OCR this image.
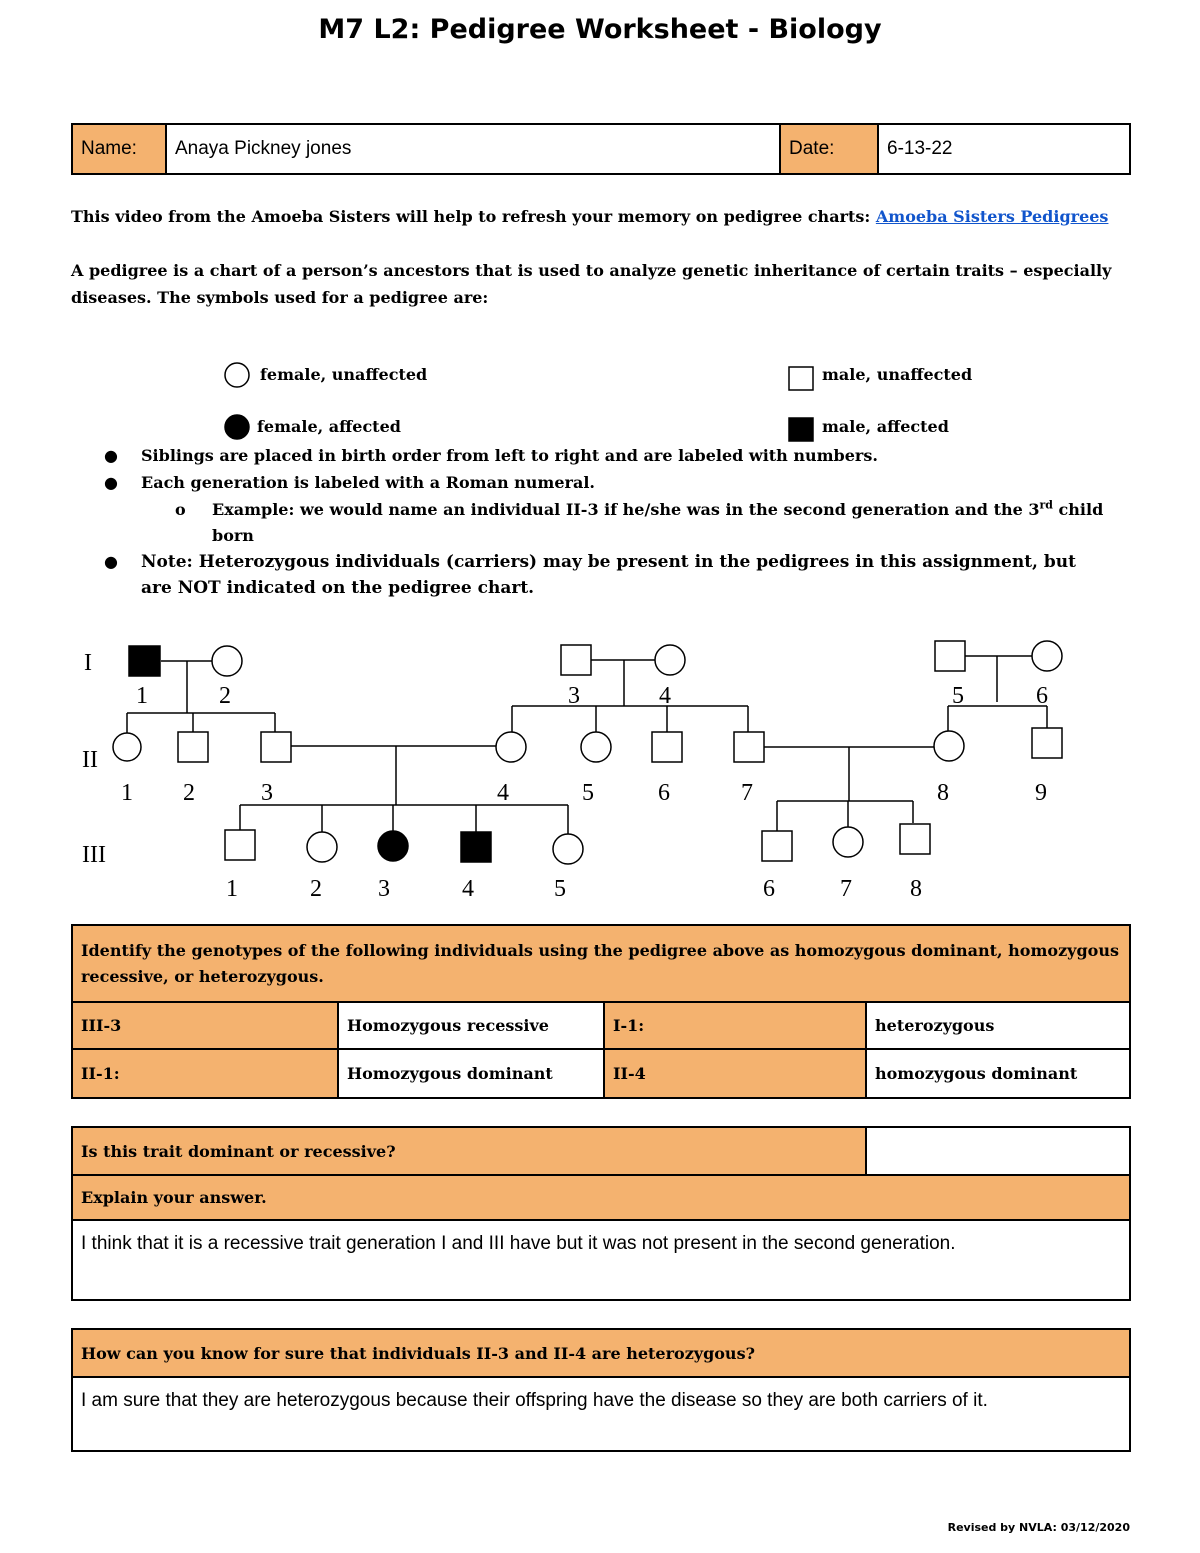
M7 L2: Pedigree Worksheet - Biology
Name:	Anaya Pickney jones	Date:	6-13-22
This video from the Amoeba Sisters will help to refresh your memory on pedigree charts: Amoeba Sisters Pedigrees
A pedigree is a chart of a person’s ancestors that is used to analyze genetic inheritance of certain traits – especially diseases. The symbols used for a pedigree are:
female, unaffected
female, affected
male, unaffected
male, affected
● Siblings are placed in birth order from left to right and are labeled with numbers.
● Each generation is labeled with a Roman numeral.
o Example: we would name an individual II-3 if he/she was in the second generation and the 3rd child born
● Note: Heterozygous individuals (carriers) may be present in the pedigrees in this assignment, but are NOT indicated on the pedigree chart.
I
II
III
1	2	3	4	5	6
1 2	3	4	5	6	7	8	9
1	2 3	4	5	6	7 8
Identify the genotypes of the following individuals using the pedigree above as homozygous dominant, homozygous recessive, or heterozygous.			
III-3	Homozygous recessive	I-1:	heterozygous
II-1:	Homozygous dominant	II-4	homozygous dominant
Is this trait dominant or recessive?	
Explain your answer.
I think that it is a recessive trait generation I and III have but it was not present in the second generation.
How can you know for sure that individuals II-3 and II-4 are heterozygous?
I am sure that they are heterozygous because their offspring have the disease so they are both carriers of it.
Revised by NVLA: 03/12/2020
